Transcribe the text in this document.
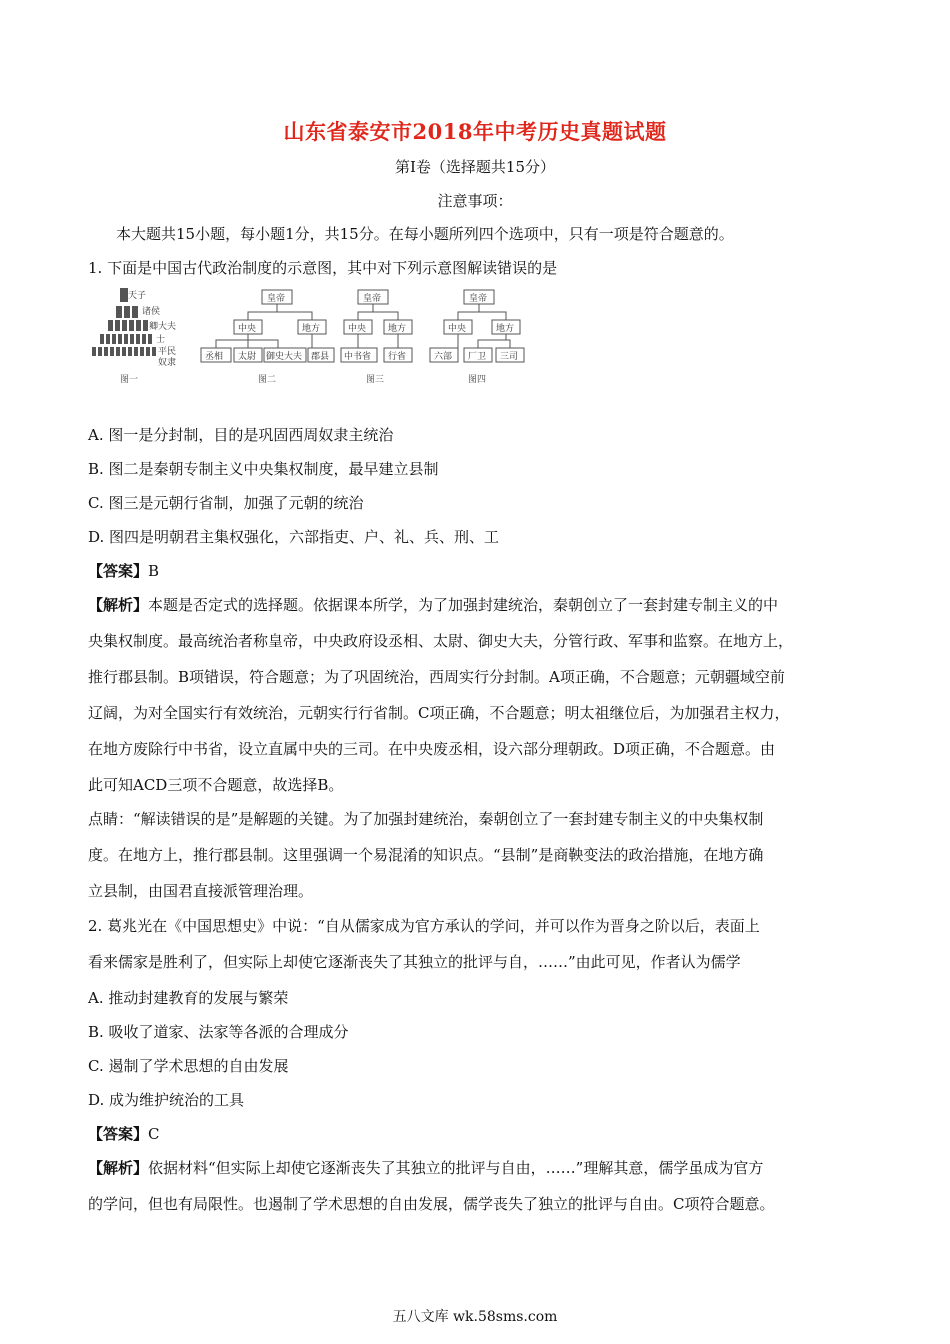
山东省泰安市2018年中考历史真题试题
第Ⅰ卷（选择题共15分）
注意事项：
本大题共15小题，每小题1分，共15分。在每小题所列四个选项中，只有一项是符合题意的。
1. 下面是中国古代政治制度的示意图，其中对下列示意图解读错误的是
天子
诸侯
卿大夫
士
平民
奴隶
图一
皇帝
中央	地方
丞相 太尉 御史大夫 郡县
图二
皇帝
中央 地方
中书省 行省
图三
皇帝
中央	地方
六部 厂卫 三司
图四
A. 图一是分封制，目的是巩固西周奴隶主统治
B. 图二是秦朝专制主义中央集权制度，最早建立县制
C. 图三是元朝行省制，加强了元朝的统治
D. 图四是明朝君主集权强化，六部指吏、户、礼、兵、刑、工
【答案】B
【解析】本题是否定式的选择题。依据课本所学，为了加强封建统治，秦朝创立了一套封建专制主义的中
央集权制度。最高统治者称皇帝，中央政府设丞相、太尉、御史大夫，分管行政、军事和监察。在地方上，
推行郡县制。B项错误，符合题意；为了巩固统治，西周实行分封制。A项正确，不合题意；元朝疆域空前
辽阔，为对全国实行有效统治，元朝实行行省制。C项正确，不合题意；明太祖继位后，为加强君主权力，
在地方废除行中书省，设立直属中央的三司。在中央废丞相，设六部分理朝政。D项正确，不合题意。由
此可知ACD三项不合题意，故选择B。
点睛：“解读错误的是”是解题的关键。为了加强封建统治，秦朝创立了一套封建专制主义的中央集权制
度。在地方上，推行郡县制。这里强调一个易混淆的知识点。“县制”是商鞅变法的政治措施，在地方确
立县制，由国君直接派管理治理。
2. 葛兆光在《中国思想史》中说：“自从儒家成为官方承认的学问，并可以作为晋身之阶以后，表面上
看来儒家是胜利了，但实际上却使它逐渐丧失了其独立的批评与自，……”由此可见，作者认为儒学
A. 推动封建教育的发展与繁荣
B. 吸收了道家、法家等各派的合理成分
C. 遏制了学术思想的自由发展
D. 成为维护统治的工具
【答案】C
【解析】依据材料“但实际上却使它逐渐丧失了其独立的批评与自由，……”理解其意，儒学虽成为官方
的学问，但也有局限性。也遏制了学术思想的自由发展，儒学丧失了独立的批评与自由。C项符合题意。
五八文库 wk.58sms.com
